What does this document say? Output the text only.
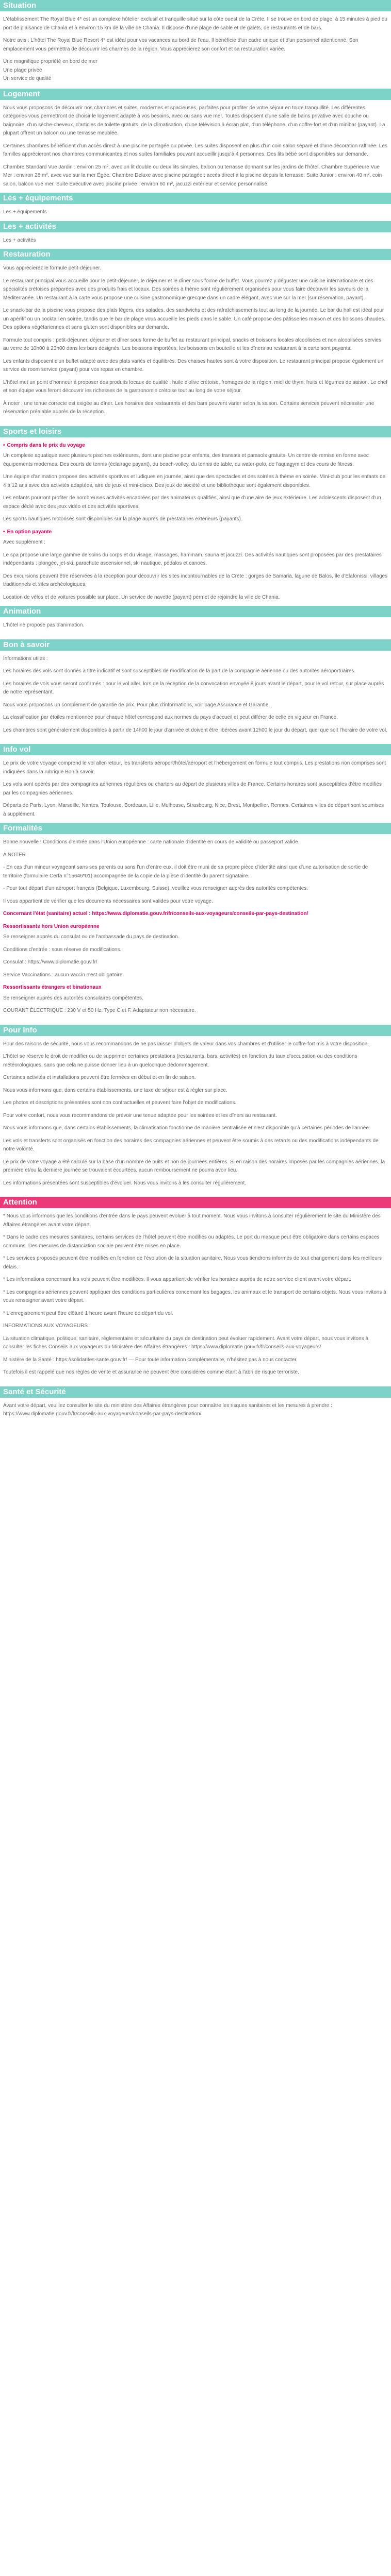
Situation

L'établissement The Royal Blue 4* est un complexe hôtelier exclusif et tranquille situé sur la côte ouest de la Crète. Il se trouve en bord de plage, à 15 minutes à pied du port de plaisance de Chania et à environ 15 km de la ville de Chania. Il dispose d'une plage de sable et de galets, de restaurants et de bars.

Notre avis : L'hôtel The Royal Blue Resort 4* est idéal pour vos vacances au bord de l'eau. Il bénéficie d'un cadre unique et d'un personnel attentionné. Son emplacement vous permettra de découvrir les charmes de la région. Vous apprécierez son confort et sa restauration variée.

Une magnifique propriété en bord de mer
Une plage privée
Un service de qualité
Logement

Nous vous proposons de découvrir nos chambres et suites, modernes et spacieuses, parfaites pour profiter de votre séjour en toute tranquillité. Les différentes catégories vous permettront de choisir le logement adapté à vos besoins, avec ou sans vue mer. Toutes disposent d'une salle de bains privative avec douche ou baignoire, d'un sèche-cheveux, d'articles de toilette gratuits, de la climatisation, d'une télévision à écran plat, d'un téléphone, d'un coffre-fort et d'un minibar (payant). La plupart offrent un balcon ou une terrasse meublée.

Certaines chambres bénéficient d'un accès direct à une piscine partagée ou privée. Les suites disposent en plus d'un coin salon séparé et d'une décoration raffinée. Les familles apprécieront nos chambres communicantes et nos suites familiales pouvant accueillir jusqu'à 4 personnes. Des lits bébé sont disponibles sur demande.

Chambre Standard Vue Jardin : environ 25 m², avec un lit double ou deux lits simples, balcon ou terrasse donnant sur les jardins de l'hôtel. Chambre Supérieure Vue Mer : environ 28 m², avec vue sur la mer Égée. Chambre Deluxe avec piscine partagée : accès direct à la piscine depuis la terrasse. Suite Junior : environ 40 m², coin salon, balcon vue mer. Suite Exécutive avec piscine privée : environ 60 m², jacuzzi extérieur et service personnalisé.

Les + équipements

Les + équipements

Les + activités

Les + activités

Restauration

Vous apprécierez le formule petit-déjeuner.

Le restaurant principal vous accueille pour le petit-déjeuner, le déjeuner et le dîner sous forme de buffet. Vous pourrez y déguster une cuisine internationale et des spécialités crétoises préparées avec des produits frais et locaux. Des soirées à thème sont régulièrement organisées pour vous faire découvrir les saveurs de la Méditerranée. Un restaurant à la carte vous propose une cuisine gastronomique grecque dans un cadre élégant, avec vue sur la mer (sur réservation, payant).

Le snack-bar de la piscine vous propose des plats légers, des salades, des sandwichs et des rafraîchissements tout au long de la journée. Le bar du hall est idéal pour un apéritif ou un cocktail en soirée, tandis que le bar de plage vous accueille les pieds dans le sable. Un café propose des pâtisseries maison et des boissons chaudes. Des options végétariennes et sans gluten sont disponibles sur demande.

Formule tout compris : petit-déjeuner, déjeuner et dîner sous forme de buffet au restaurant principal, snacks et boissons locales alcoolisées et non alcoolisées servies au verre de 10h00 à 23h00 dans les bars désignés. Les boissons importées, les boissons en bouteille et les dîners au restaurant à la carte sont payants.

Les enfants disposent d'un buffet adapté avec des plats variés et équilibrés. Des chaises hautes sont à votre disposition. Le restaurant principal propose également un service de room service (payant) pour vos repas en chambre.

L'hôtel met un point d'honneur à proposer des produits locaux de qualité : huile d'olive crétoise, fromages de la région, miel de thym, fruits et légumes de saison. Le chef et son équipe vous feront découvrir les richesses de la gastronomie crétoise tout au long de votre séjour.

À noter : une tenue correcte est exigée au dîner. Les horaires des restaurants et des bars peuvent varier selon la saison. Certains services peuvent nécessiter une réservation préalable auprès de la réception.

Sports et loisirs
• Compris dans le prix du voyage

Un complexe aquatique avec plusieurs piscines extérieures, dont une piscine pour enfants, des transats et parasols gratuits. Un centre de remise en forme avec équipements modernes. Des courts de tennis (éclairage payant), du beach-volley, du tennis de table, du water-polo, de l'aquagym et des cours de fitness.

Une équipe d'animation propose des activités sportives et ludiques en journée, ainsi que des spectacles et des soirées à thème en soirée. Mini-club pour les enfants de 4 à 12 ans avec des activités adaptées, aire de jeux et mini-disco. Des jeux de société et une bibliothèque sont également disponibles.

Les enfants pourront profiter de nombreuses activités encadrées par des animateurs qualifiés, ainsi que d'une aire de jeux extérieure. Les adolescents disposent d'un espace dédié avec des jeux vidéo et des activités sportives.

Les sports nautiques motorisés sont disponibles sur la plage auprès de prestataires extérieurs (payants).

• En option payante

Avec supplément :

Le spa propose une large gamme de soins du corps et du visage, massages, hammam, sauna et jacuzzi. Des activités nautiques sont proposées par des prestataires indépendants : plongée, jet-ski, parachute ascensionnel, ski nautique, pédalos et canoës.

Des excursions peuvent être réservées à la réception pour découvrir les sites incontournables de la Crète : gorges de Samaria, lagune de Balos, île d'Elafonissi, villages traditionnels et sites archéologiques.

Location de vélos et de voitures possible sur place. Un service de navette (payant) permet de rejoindre la ville de Chania.

Animation

L'hôtel ne propose pas d'animation.

Bon à savoir

Informations utiles :

Les horaires des vols sont donnés à titre indicatif et sont susceptibles de modification de la part de la compagnie aérienne ou des autorités aéroportuaires.

Les horaires de vols vous seront confirmés : pour le vol aller, lors de la réception de la convocation envoyée 8 jours avant le départ, pour le vol retour, sur place auprès de notre représentant.

Nous vous proposons un complément de garantie de prix. Pour plus d'informations, voir page Assurance et Garantie.

La classification par étoiles mentionnée pour chaque hôtel correspond aux normes du pays d'accueil et peut différer de celle en vigueur en France.

Les chambres sont généralement disponibles à partir de 14h00 le jour d'arrivée et doivent être libérées avant 12h00 le jour du départ, quel que soit l'horaire de votre vol.

Info vol

Le prix de votre voyage comprend le vol aller-retour, les transferts aéroport/hôtel/aéroport et l'hébergement en formule tout compris. Les prestations non comprises sont indiquées dans la rubrique Bon à savoir.

Les vols sont opérés par des compagnies aériennes régulières ou charters au départ de plusieurs villes de France. Certains horaires sont susceptibles d'être modifiés par les compagnies aériennes.

Départs de Paris, Lyon, Marseille, Nantes, Toulouse, Bordeaux, Lille, Mulhouse, Strasbourg, Nice, Brest, Montpellier, Rennes. Certaines villes de départ sont soumises à supplément.

Formalités

Bonne nouvelle ! Conditions d'entrée dans l'Union européenne : carte nationale d'identité en cours de validité ou passeport valide.

A NOTER

- En cas d'un mineur voyageant sans ses parents ou sans l'un d'entre eux, il doit être muni de sa propre pièce d'identité ainsi que d'une autorisation de sortie de territoire (formulaire Cerfa n°15646*01) accompagnée de la copie de la pièce d'identité du parent signataire.

- Pour tout départ d'un aéroport français (Belgique, Luxembourg, Suisse), veuillez vous renseigner auprès des autorités compétentes.

Il vous appartient de vérifier que les documents nécessaires sont valides pour votre voyage.

Concernant l'état (sanitaire) actuel : https://www.diplomatie.gouv.fr/fr/conseils-aux-voyageurs/conseils-par-pays-destination/

Ressortissants hors Union européenne

Se renseigner auprès du consulat ou de l'ambassade du pays de destination.

Conditions d'entrée : sous réserve de modifications.

Consulat : https://www.diplomatie.gouv.fr/

Service Vaccinations : aucun vaccin n'est obligatoire.

Ressortissants étrangers et binationaux

Se renseigner auprès des autorités consulaires compétentes.

COURANT ÉLECTRIQUE : 230 V et 50 Hz. Type C et F. Adaptateur non nécessaire.

Pour Info

Pour des raisons de sécurité, nous vous recommandons de ne pas laisser d'objets de valeur dans vos chambres et d'utiliser le coffre-fort mis à votre disposition.

L'hôtel se réserve le droit de modifier ou de supprimer certaines prestations (restaurants, bars, activités) en fonction du taux d'occupation ou des conditions météorologiques, sans que cela ne puisse donner lieu à un quelconque dédommagement.

Certaines activités et installations peuvent être fermées en début et en fin de saison.

Nous vous informons que, dans certains établissements, une taxe de séjour est à régler sur place.

Les photos et descriptions présentées sont non contractuelles et peuvent faire l'objet de modifications.

Pour votre confort, nous vous recommandons de prévoir une tenue adaptée pour les soirées et les dîners au restaurant.

Nous vous informons que, dans certains établissements, la climatisation fonctionne de manière centralisée et n'est disponible qu'à certaines périodes de l'année.

Les vols et transferts sont organisés en fonction des horaires des compagnies aériennes et peuvent être soumis à des retards ou des modifications indépendants de notre volonté.

Le prix de votre voyage a été calculé sur la base d'un nombre de nuits et non de journées entières. Si en raison des horaires imposés par les compagnies aériennes, la première et/ou la dernière journée se trouvaient écourtées, aucun remboursement ne pourra avoir lieu.

Les informations présentées sont susceptibles d'évoluer. Nous vous invitons à les consulter régulièrement.

Attention

* Nous vous informons que les conditions d'entrée dans le pays peuvent évoluer à tout moment. Nous vous invitons à consulter régulièrement le site du Ministère des Affaires étrangères avant votre départ.

* Dans le cadre des mesures sanitaires, certains services de l'hôtel peuvent être modifiés ou adaptés. Le port du masque peut être obligatoire dans certains espaces communs. Des mesures de distanciation sociale peuvent être mises en place.

* Les services proposés peuvent être modifiés en fonction de l'évolution de la situation sanitaire. Nous vous tiendrons informés de tout changement dans les meilleurs délais.

* Les informations concernant les vols peuvent être modifiées. Il vous appartient de vérifier les horaires auprès de notre service client avant votre départ.

* Les compagnies aériennes peuvent appliquer des conditions particulières concernant les bagages, les animaux et le transport de certains objets. Nous vous invitons à vous renseigner avant votre départ.

* L'enregistrement peut être clôturé 1 heure avant l'heure de départ du vol.

INFORMATIONS AUX VOYAGEURS :

La situation climatique, politique, sanitaire, réglementaire et sécuritaire du pays de destination peut évoluer rapidement. Avant votre départ, nous vous invitons à consulter les fiches Conseils aux voyageurs du Ministère des Affaires étrangères : https://www.diplomatie.gouv.fr/fr/conseils-aux-voyageurs/

Ministère de la Santé : https://solidarites-sante.gouv.fr/ — Pour toute information complémentaire, n'hésitez pas à nous contacter.

Toutefois il est rappelé que nos règles de vente et assurance ne peuvent être considérés comme étant à l'abri de risque terroriste.

Santé et Sécurité

Avant votre départ, veuillez consulter le site du ministère des Affaires étrangères pour connaître les risques sanitaires et les mesures à prendre : https://www.diplomatie.gouv.fr/fr/conseils-aux-voyageurs/conseils-par-pays-destination/
